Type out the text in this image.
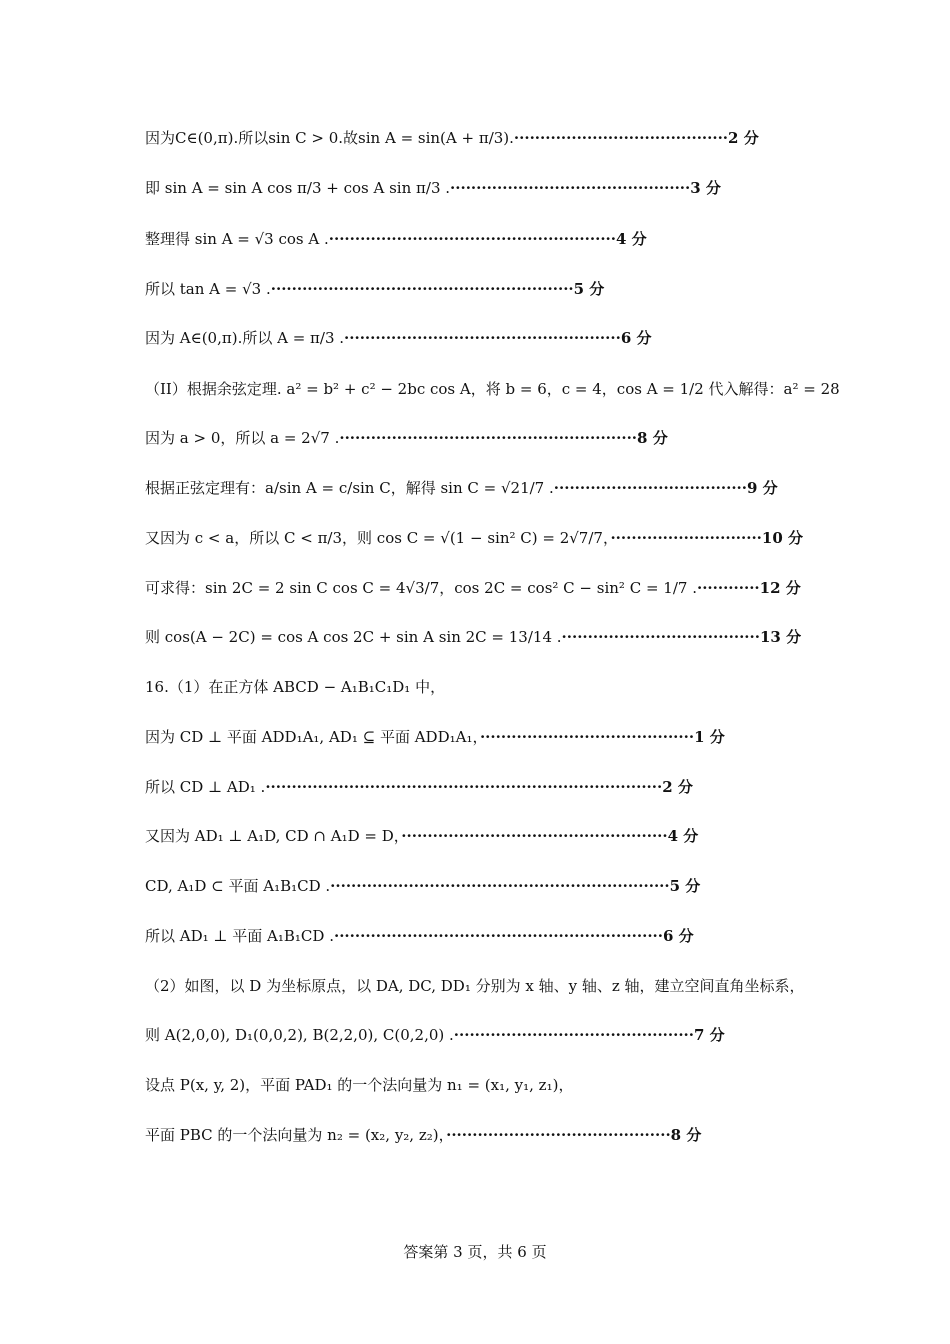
因为C∈(0,π).所以sin C > 0.故sin A = sin(A + π/3).·········································2 分
即 sin A = sin A cos π/3 + cos A sin π/3 .··············································3 分
整理得 sin A = √3 cos A .·······················································4 分
所以 tan A = √3 .··························································5 分
因为 A∈(0,π).所以 A = π/3 .·····················································6 分
（II）根据余弦定理. a² = b² + c² − 2bc cos A，将 b = 6，c = 4，cos A = 1/2 代入解得：a² = 28
因为 a > 0，所以 a = 2√7 .·························································8 分
根据正弦定理有：a/sin A = c/sin C，解得 sin C = √21/7 .·····································9 分
又因为 c < a，所以 C < π/3，则 cos C = √(1 − sin² C) = 2√7/7，·····························10 分
可求得：sin 2C = 2 sin C cos C = 4√3/7，cos 2C = cos² C − sin² C = 1/7 .············12 分
则 cos(A − 2C) = cos A cos 2C + sin A sin 2C = 13/14 .······································13 分
16.（1）在正方体 ABCD − A₁B₁C₁D₁ 中，
因为 CD ⊥ 平面 ADD₁A₁, AD₁ ⊆ 平面 ADD₁A₁，·········································1 分
所以 CD ⊥ AD₁ .············································································2 分
又因为 AD₁ ⊥ A₁D, CD ∩ A₁D = D，···················································4 分
CD, A₁D ⊂ 平面 A₁B₁CD .·································································5 分
所以 AD₁ ⊥ 平面 A₁B₁CD .·······························································6 分
（2）如图，以 D 为坐标原点，以 DA, DC, DD₁ 分别为 x 轴、y 轴、z 轴，建立空间直角坐标系，
则 A(2,0,0), D₁(0,0,2), B(2,2,0), C(0,2,0) .··············································7 分
设点 P(x, y, 2)，平面 PAD₁ 的一个法向量为 n₁ = (x₁, y₁, z₁)，
平面 PBC 的一个法向量为 n₂ = (x₂, y₂, z₂)，···········································8 分
答案第 3 页，共 6 页
